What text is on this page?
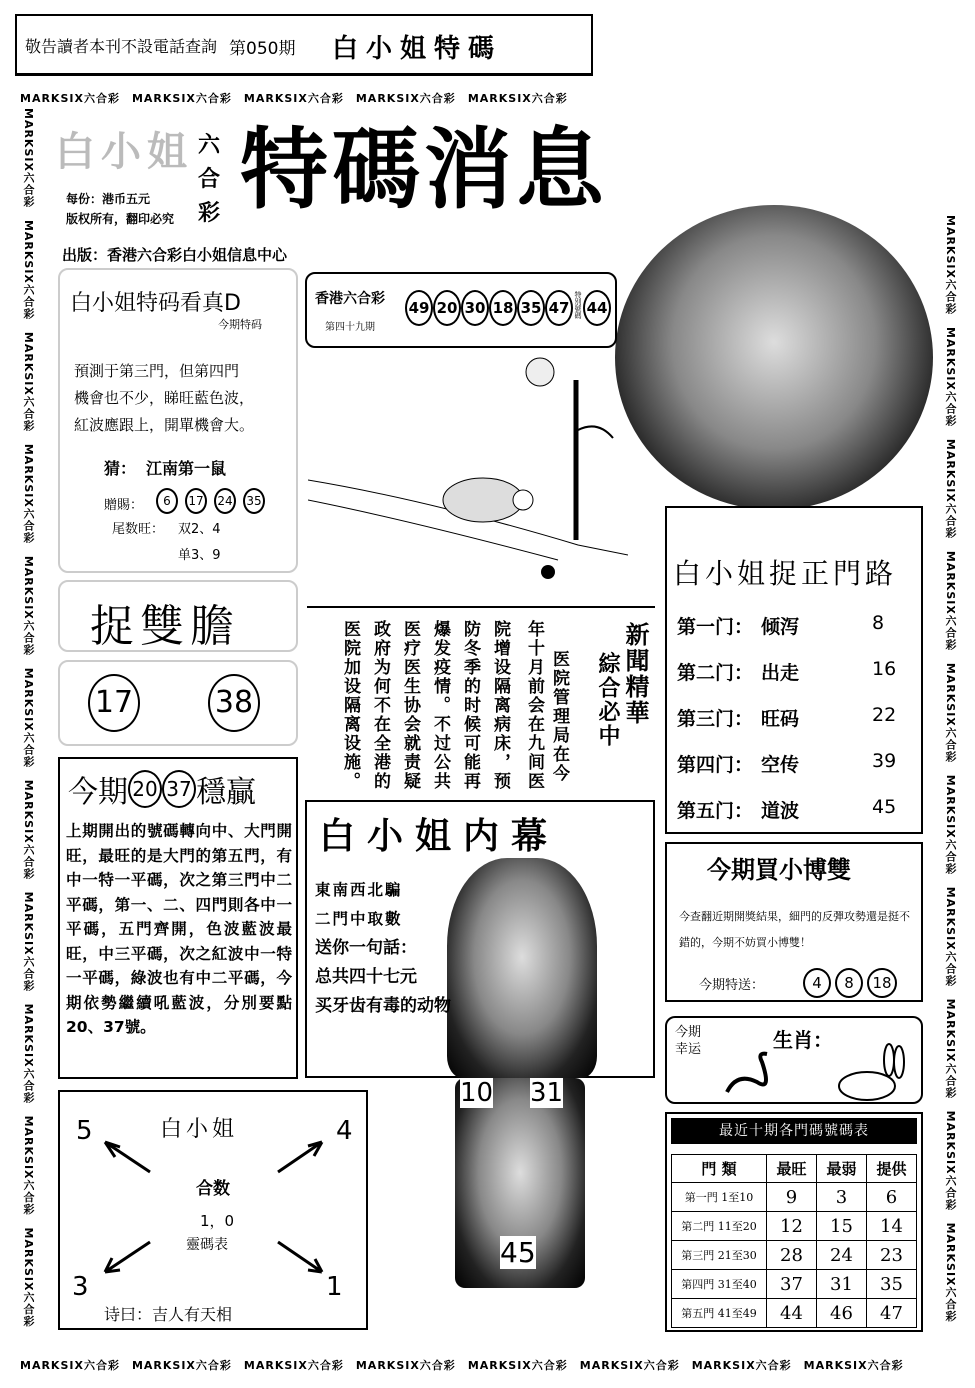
敬告讀者本刊不設電話查詢 第050期 白小姐特碼
MARKSIX六合彩　 MARKSIX六合彩　 MARKSIX六合彩　 MARKSIX六合彩　 MARKSIX六合彩
MARKSIX六合彩　 MARKSIX六合彩　 MARKSIX六合彩　 MARKSIX六合彩　 MARKSIX六合彩　 MARKSIX六合彩　 MARKSIX六合彩　 MARKSIX六合彩
MARKSIX六合彩　MARKSIX六合彩　MARKSIX六合彩　MARKSIX六合彩　MARKSIX六合彩　MARKSIX六合彩　MARKSIX六合彩　MARKSIX六合彩　MARKSIX六合彩　MARKSIX六合彩　MARKSIX六合彩
MARKSIX六合彩　MARKSIX六合彩　MARKSIX六合彩　MARKSIX六合彩　MARKSIX六合彩　MARKSIX六合彩　MARKSIX六合彩　MARKSIX六合彩　MARKSIX六合彩　MARKSIX六合彩
白小姐 六合彩 特碼消息
每份：港币五元
版权所有，翻印必究
出版：香港六合彩白小姐信息中心
香港六合彩
第四十九期
49 20 30 18 35 47 特別號碼 44
白小姐特码看真D
今期特码
預測于第三門，但第四門
機會也不少，睇旺藍色波，
紅波應跟上，開單機會大。
猜： 江南第一鼠
贈賜：	6 17 24 35
尾数旺： 双2、4
单3、9
捉雙膽
17	38	医院管理局在今
年十月前会在九间医
院增设隔离病床，预
防冬季的时候可能再
爆发疫情。不过公共
医疗医生协会就责疑
政府为何不在全港的
医院加设隔离设施。	新聞精華
綜合必中
今期 20 37 穩贏
上期開出的號碼轉向中、大門開旺，最旺的是大門的第五門，有中一特一平碼，次之第三門中二平碼，第一、二、四門則各中一平碼，五門齊開，色波藍波最旺，中三平碼，次之紅波中一特一平碼，綠波也有中二平碼，今期依勢繼續吼藍波，分別要點20、37號。
白小姐内幕
東南西北騙
二門中取數
送你一句話：
总共四十七元
买牙齿有毒的动物
10 31
45
白小姐
合数
1，0
靈碼表
5	4
3	1
诗曰：吉人有天相
白小姐捉正門路
第一门： 倾泻	8
第二门： 出走	16
第三门： 旺码	22
第四门： 空传	39
第五门： 道波	45
今期買小博雙
今查翻近期開獎結果，細門的反彈攻勢還是挺不錯的，今期不妨買小博雙！
今期特送：	4 8 18
今期幸运	生肖：
最近十期各門碼號碼表
門 類	最旺	最弱	提供
第一門 1至10	9	3	6
第二門 11至20	12	15	14
第三門 21至30	28	24	23
第四門 31至40	37	31	35
第五門 41至49	44	46	47
